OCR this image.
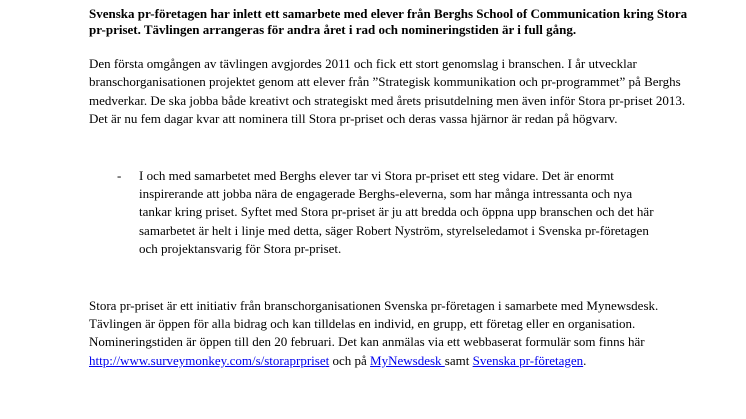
Svenska pr-företagen har inlett ett samarbete med elever från Berghs School of Communication kring Stora pr-priset. Tävlingen arrangeras för andra året i rad och nomineringstiden är i full gång.

Den första omgången av tävlingen avgjordes 2011 och fick ett stort genomslag i branschen. I år utvecklar branschorganisationen projektet genom att elever från ”Strategisk kommunikation och pr-programmet” på Berghs medverkar. De ska jobba både kreativt och strategiskt med årets prisutdelning men även inför Stora pr-priset 2013. Det är nu fem dagar kvar att nominera till Stora pr-priset och deras vassa hjärnor är redan på högvarv.

-	I och med samarbetet med Berghs elever tar vi Stora pr-priset ett steg vidare. Det är enormt inspirerande att jobba nära de engagerade Berghs-eleverna, som har många intressanta och nya tankar kring priset. Syftet med Stora pr-priset är ju att bredda och öppna upp branschen och det här samarbetet är helt i linje med detta, säger Robert Nyström, styrelseledamot i Svenska pr-företagen och projektansvarig för Stora pr-priset.

Stora pr-priset är ett initiativ från branschorganisationen Svenska pr-företagen i samarbete med Mynewsdesk. Tävlingen är öppen för alla bidrag och kan tilldelas en individ, en grupp, ett företag eller en organisation. Nomineringstiden är öppen till den 20 februari. Det kan anmälas via ett webbaserat formulär som finns här http://www.surveymonkey.com/s/storaprpriset och på MyNewsdesk samt Svenska pr-företagen.
